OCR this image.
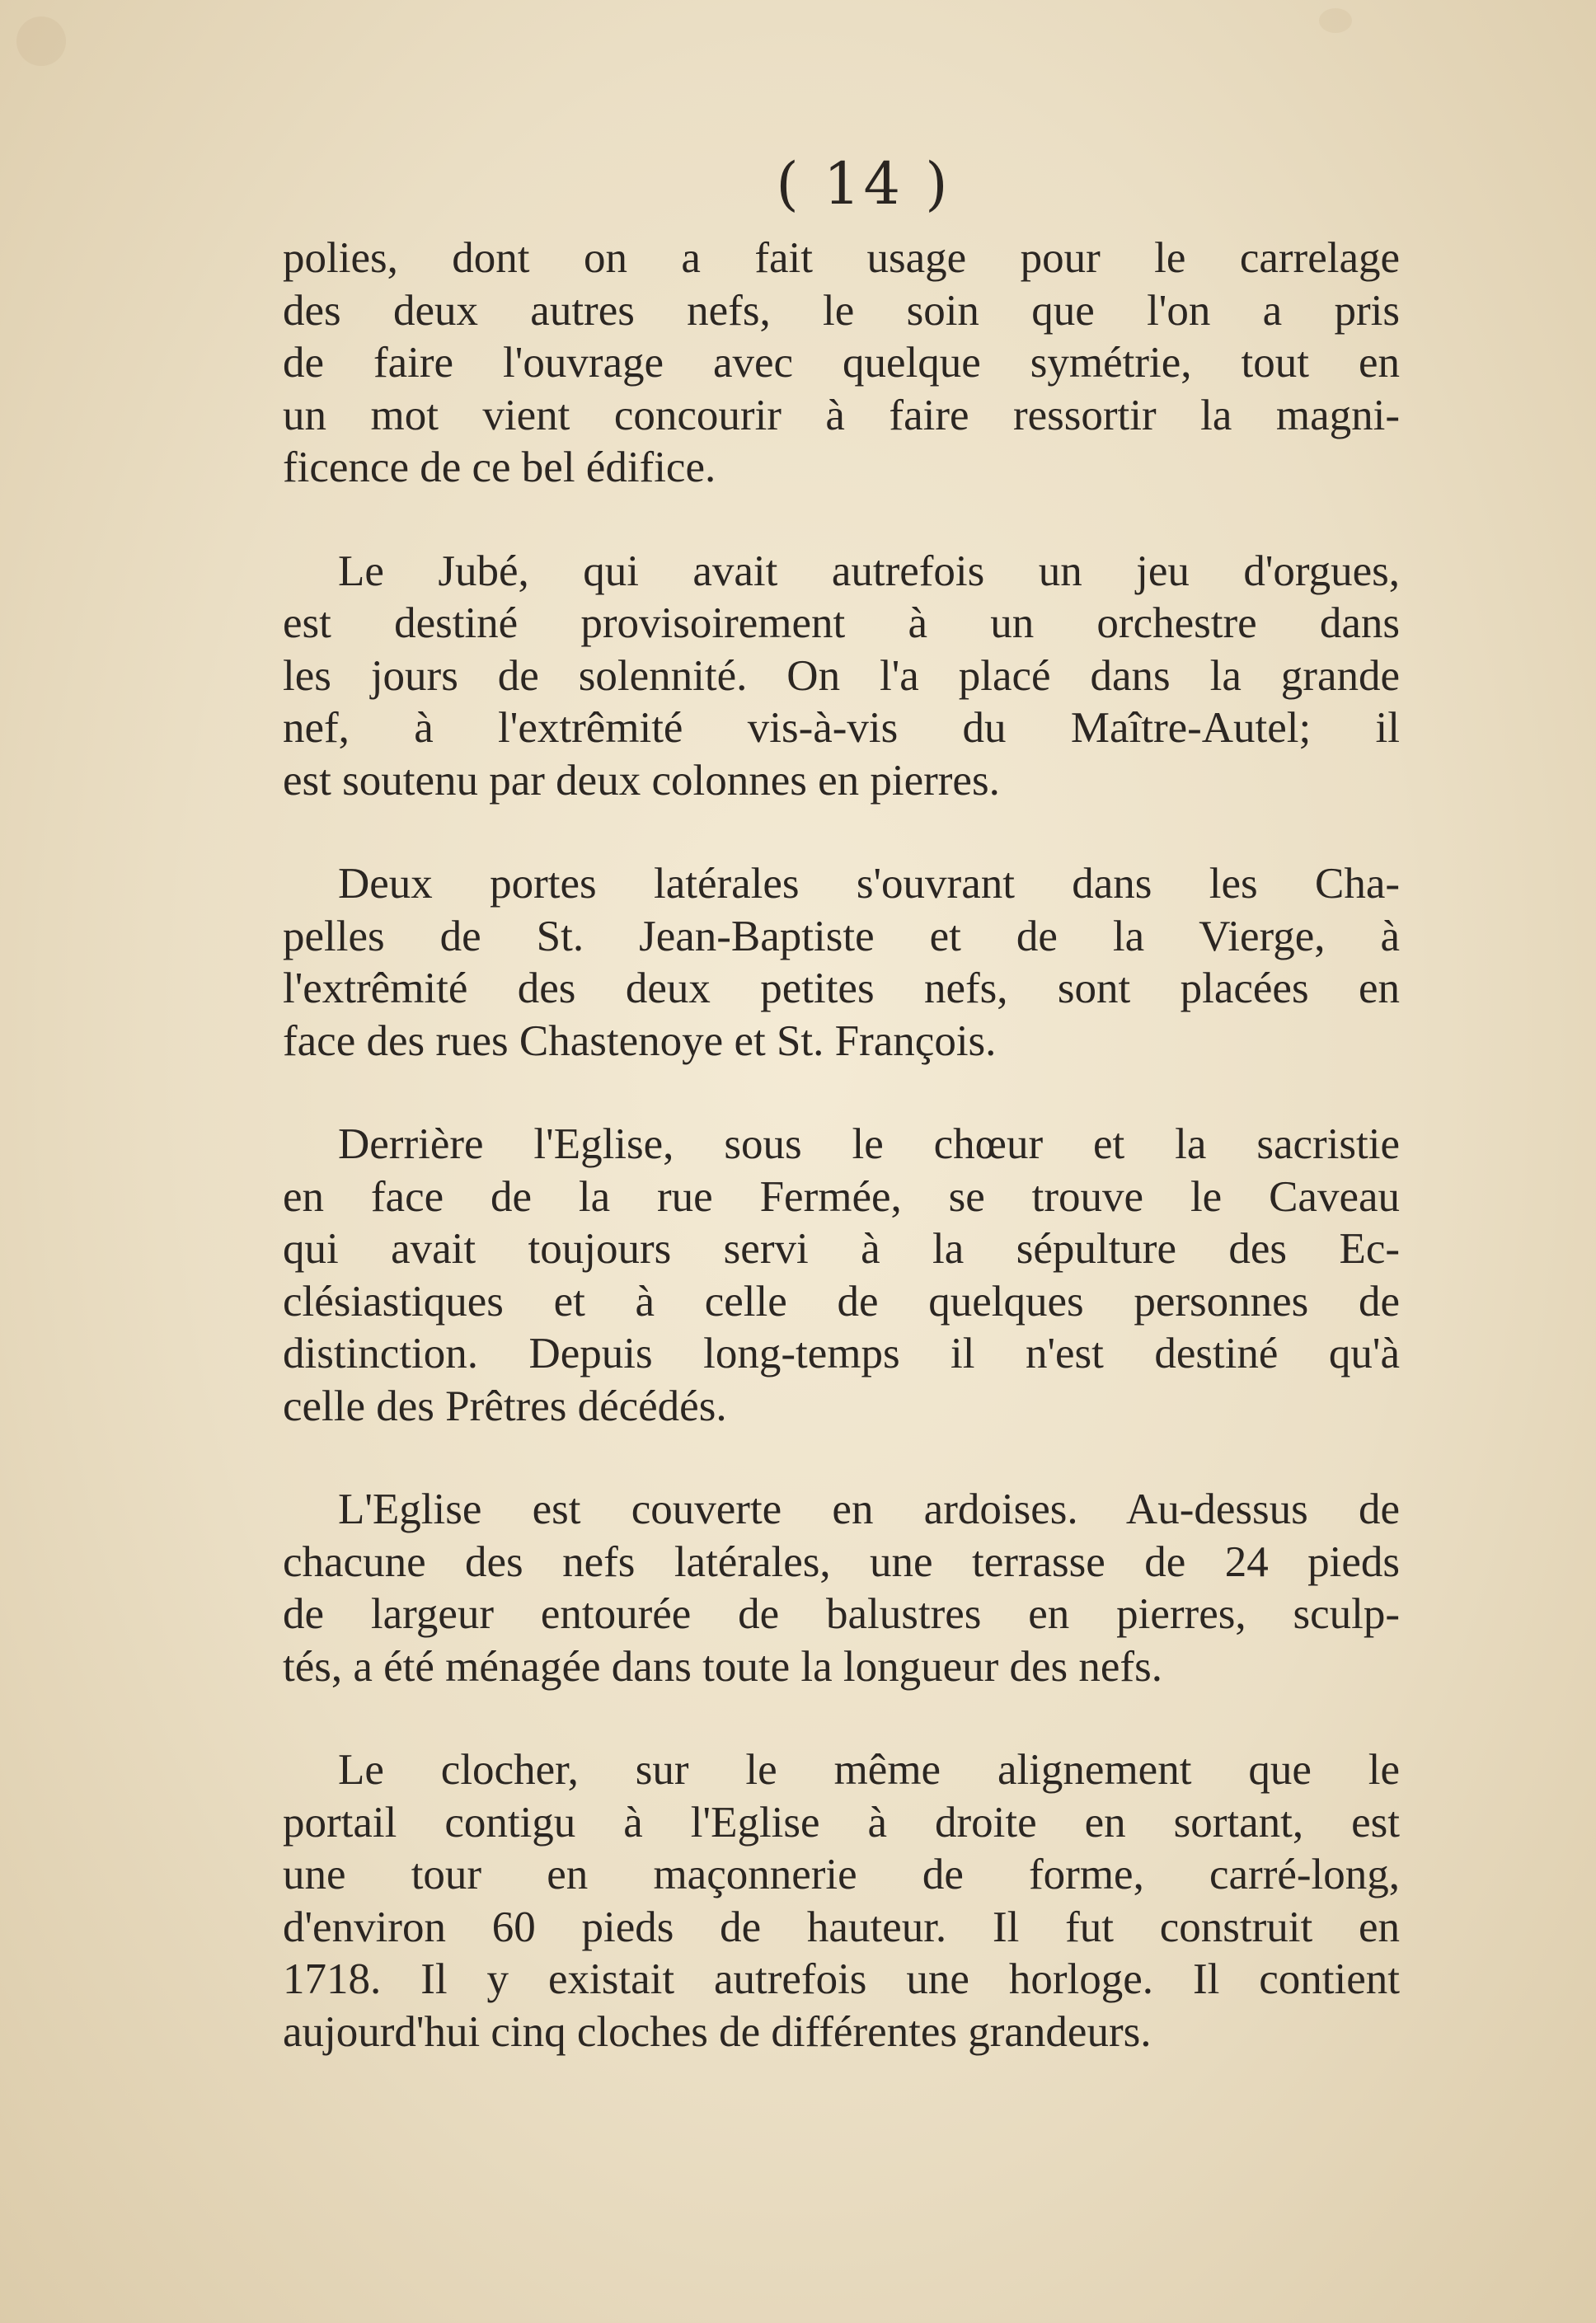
( 14 )
polies, dont on a fait usage pour le carrelage
des deux autres nefs, le soin que l'on a pris
de faire l'ouvrage avec quelque symétrie, tout en
un mot vient concourir à faire ressortir la magni-
ficence de ce bel édifice.
Le Jubé, qui avait autrefois un jeu d'orgues,
est destiné provisoirement à un orchestre dans
les jours de solennité. On l'a placé dans la grande
nef, à l'extrêmité vis-à-vis du Maître-Autel; il
est soutenu par deux colonnes en pierres.
Deux portes latérales s'ouvrant dans les Cha-
pelles de St. Jean-Baptiste et de la Vierge, à
l'extrêmité des deux petites nefs, sont placées en
face des rues Chastenoye et St. François.
Derrière l'Eglise, sous le chœur et la sacristie
en face de la rue Fermée, se trouve le Caveau
qui avait toujours servi à la sépulture des Ec-
clésiastiques et à celle de quelques personnes de
distinction. Depuis long-temps il n'est destiné qu'à
celle des Prêtres décédés.
L'Eglise est couverte en ardoises. Au-dessus de
chacune des nefs latérales, une terrasse de 24 pieds
de largeur entourée de balustres en pierres, sculp-
tés, a été ménagée dans toute la longueur des nefs.
Le clocher, sur le même alignement que le
portail contigu à l'Eglise à droite en sortant, est
une tour en maçonnerie de forme, carré-long,
d'environ 60 pieds de hauteur. Il fut construit en
1718. Il y existait autrefois une horloge. Il contient
aujourd'hui cinq cloches de différentes grandeurs.
